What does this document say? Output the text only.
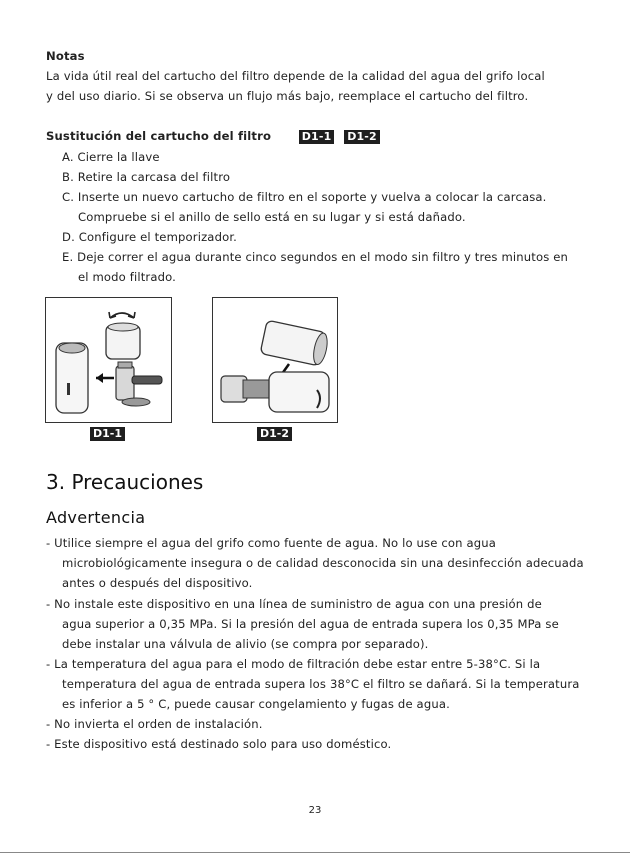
Notas
La vida útil real del cartucho del filtro depende de la calidad del agua del grifo local
y del uso diario. Si se observa un flujo más bajo, reemplace el cartucho del filtro.
Sustitución del cartucho del filtro	D1-1 D1-2
A. Cierre la llave
B. Retire la carcasa del filtro
C. Inserte un nuevo cartucho de filtro en el soporte y vuelva a colocar la carcasa.
Compruebe si el anillo de sello está en su lugar y si está dañado.
D. Configure el temporizador.
E. Deje correr el agua durante cinco segundos en el modo sin filtro y tres minutos en
el modo filtrado.
D1-1	D1-2
3. Precauciones
Advertencia
- Utilice siempre el agua del grifo como fuente de agua. No lo use con agua
microbiológicamente insegura o de calidad desconocida sin una desinfección adecuada
antes o después del dispositivo.
- No instale este dispositivo en una línea de suministro de agua con una presión de
agua superior a 0,35 MPa. Si la presión del agua de entrada supera los 0,35 MPa se
debe instalar una válvula de alivio (se compra por separado).
- La temperatura del agua para el modo de filtración debe estar entre 5-38°C. Si la
temperatura del agua de entrada supera los 38°C el filtro se dañará. Si la temperatura
es inferior a 5 ° C, puede causar congelamiento y fugas de agua.
- No invierta el orden de instalación.
- Este dispositivo está destinado solo para uso doméstico.
23
